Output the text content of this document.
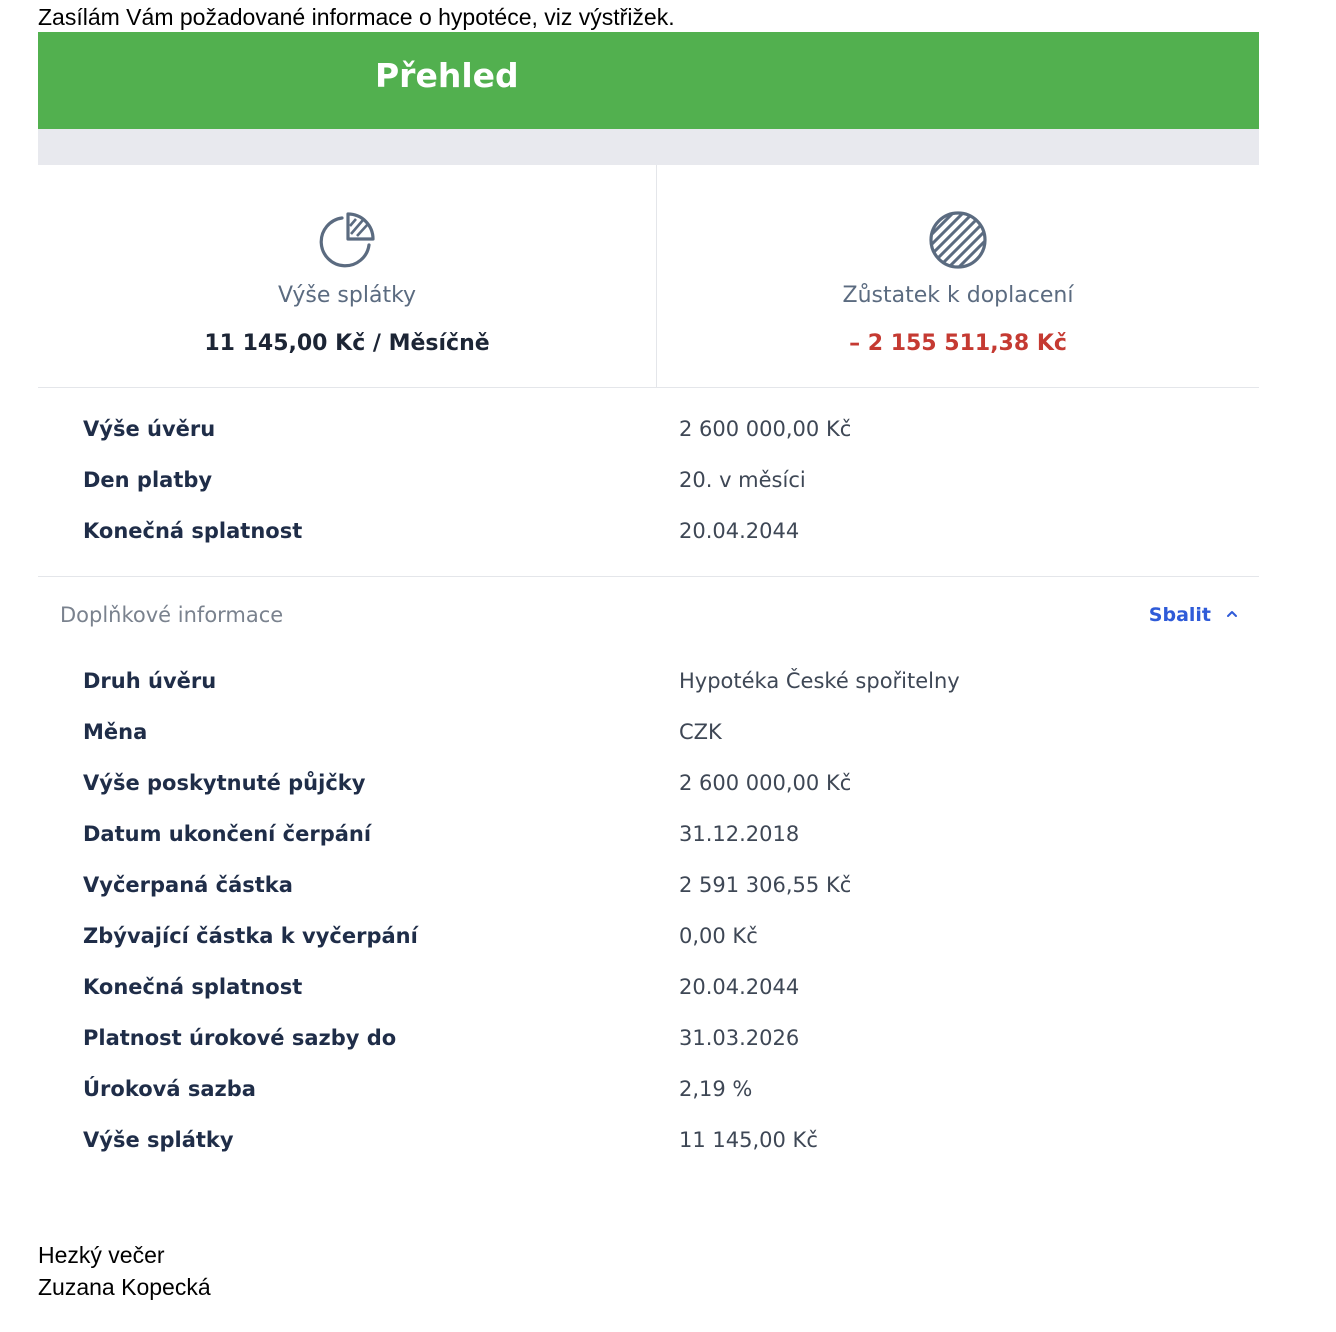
Zasílám Vám požadované informace o hypotéce, viz výstřižek.
Přehled
Výše splátky
11 145,00 Kč / Měsíčně
Zůstatek k doplacení
– 2 155 511,38 Kč
Výše úvěru	2 600 000,00 Kč
Den platby	20. v měsíci
Konečná splatnost	20.04.2044
Doplňkové informace	Sbalit
Druh úvěru	Hypotéka České spořitelny
Měna	CZK
Výše poskytnuté půjčky	2 600 000,00 Kč
Datum ukončení čerpání	31.12.2018
Vyčerpaná částka	2 591 306,55 Kč
Zbývající částka k vyčerpání	0,00 Kč
Konečná splatnost	20.04.2044
Platnost úrokové sazby do	31.03.2026
Úroková sazba	2,19 %
Výše splátky	11 145,00 Kč
Hezký večer
Zuzana Kopecká
